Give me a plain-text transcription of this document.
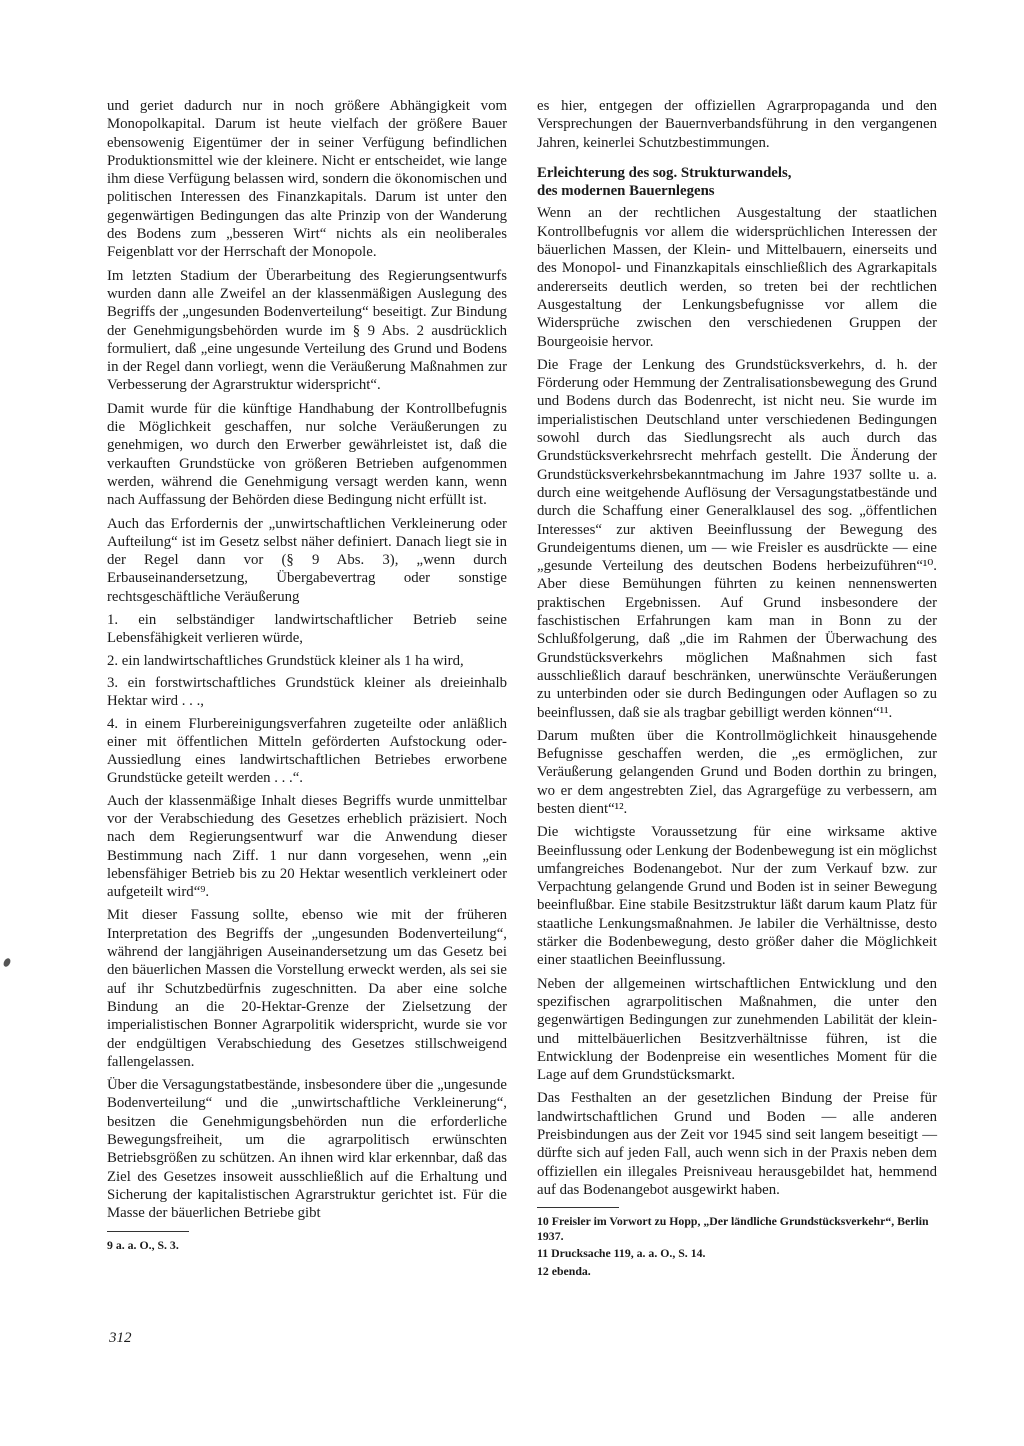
und geriet dadurch nur in noch größere Abhängigkeit vom Monopolkapital. Darum ist heute vielfach der größere Bauer ebensowenig Eigentümer der in seiner Verfügung befindlichen Produktionsmittel wie der kleinere. Nicht er entscheidet, wie lange ihm diese Verfügung belassen wird, sondern die ökonomischen und politischen Interessen des Finanzkapitals. Darum ist unter den gegenwärtigen Bedingungen das alte Prinzip von der Wanderung des Bodens zum „besseren Wirt“ nichts als ein neoliberales Feigenblatt vor der Herrschaft der Monopole.

Im letzten Stadium der Überarbeitung des Regierungsentwurfs wurden dann alle Zweifel an der klassenmäßigen Auslegung des Begriffs der „ungesunden Bodenverteilung“ beseitigt. Zur Bindung der Genehmigungsbehörden wurde im § 9 Abs. 2 ausdrücklich formuliert, daß „eine ungesunde Verteilung des Grund und Bodens in der Regel dann vorliegt, wenn die Veräußerung Maßnahmen zur Verbesserung der Agrarstruktur widerspricht“.

Damit wurde für die künftige Handhabung der Kontrollbefugnis die Möglichkeit geschaffen, nur solche Veräußerungen zu genehmigen, wo durch den Erwerber gewährleistet ist, daß die verkauften Grundstücke von größeren Betrieben aufgenommen werden, während die Genehmigung versagt werden kann, wenn nach Auffassung der Behörden diese Bedingung nicht erfüllt ist.

Auch das Erfordernis der „unwirtschaftlichen Verkleinerung oder Aufteilung“ ist im Gesetz selbst näher definiert. Danach liegt sie in der Regel dann vor (§ 9 Abs. 3), „wenn durch Erbauseinandersetzung, Übergabevertrag oder sonstige rechtsgeschäftliche Veräußerung

1. ein selbständiger landwirtschaftlicher Betrieb seine Lebensfähigkeit verlieren würde,
2. ein landwirtschaftliches Grundstück kleiner als 1 ha wird,
3. ein forstwirtschaftliches Grundstück kleiner als dreieinhalb Hektar wird . . .,
4. in einem Flurbereinigungsverfahren zugeteilte oder anläßlich einer mit öffentlichen Mitteln geförderten Aufstockung oder- Aussiedlung eines landwirtschaftlichen Betriebes erworbene Grundstücke geteilt werden . . .“.

Auch der klassenmäßige Inhalt dieses Begriffs wurde unmittelbar vor der Verabschiedung des Gesetzes erheblich präzisiert. Noch nach dem Regierungsentwurf war die Anwendung dieser Bestimmung nach Ziff. 1 nur dann vorgesehen, wenn „ein lebensfähiger Betrieb bis zu 20 Hektar wesentlich verkleinert oder aufgeteilt wird“⁹.

Mit dieser Fassung sollte, ebenso wie mit der früheren Interpretation des Begriffs der „ungesunden Bodenverteilung“, während der langjährigen Auseinandersetzung um das Gesetz bei den bäuerlichen Massen die Vorstellung erweckt werden, als sei sie auf ihr Schutzbedürfnis zugeschnitten. Da aber eine solche Bindung an die 20-Hektar-Grenze der Zielsetzung der imperialistischen Bonner Agrarpolitik widerspricht, wurde sie vor der endgültigen Verabschiedung des Gesetzes stillschweigend fallengelassen.

Über die Versagungstatbestände, insbesondere über die „ungesunde Bodenverteilung“ und die „unwirtschaftliche Verkleinerung“, besitzen die Genehmigungsbehörden nun die erforderliche Bewegungsfreiheit, um die agrarpolitisch erwünschten Betriebsgrößen zu schützen. An ihnen wird klar erkennbar, daß das Ziel des Gesetzes insoweit ausschließlich auf die Erhaltung und Sicherung der kapitalistischen Agrarstruktur gerichtet ist. Für die Masse der bäuerlichen Betriebe gibt

9 a. a. O., S. 3.

es hier, entgegen der offiziellen Agrarpropaganda und den Versprechungen der Bauernverbandsführung in den vergangenen Jahren, keinerlei Schutzbestimmungen.

Erleichterung des sog. Strukturwandels,
des modernen Bauernlegens

Wenn an der rechtlichen Ausgestaltung der staatlichen Kontrollbefugnis vor allem die widersprüchlichen Interessen der bäuerlichen Massen, der Klein- und Mittelbauern, einerseits und des Monopol- und Finanzkapitals einschließlich des Agrarkapitals andererseits deutlich werden, so treten bei der rechtlichen Ausgestaltung der Lenkungsbefugnisse vor allem die Widersprüche zwischen den verschiedenen Gruppen der Bourgeoisie hervor.

Die Frage der Lenkung des Grundstücksverkehrs, d. h. der Förderung oder Hemmung der Zentralisationsbewegung des Grund und Bodens durch das Bodenrecht, ist nicht neu. Sie wurde im imperialistischen Deutschland unter verschiedenen Bedingungen sowohl durch das Siedlungsrecht als auch durch das Grundstücksverkehrsrecht mehrfach gestellt. Die Änderung der Grundstücksverkehrsbekanntmachung im Jahre 1937 sollte u. a. durch eine weitgehende Auflösung der Versagungstatbestände und durch die Schaffung einer Generalklausel des sog. „öffentlichen Interesses“ zur aktiven Beeinflussung der Bewegung des Grundeigentums dienen, um — wie Freisler es ausdrückte — eine „gesunde Verteilung des deutschen Bodens herbeizuführen“¹⁰. Aber diese Bemühungen führten zu keinen nennenswerten praktischen Ergebnissen. Auf Grund insbesondere der faschistischen Erfahrungen kam man in Bonn zu der Schlußfolgerung, daß „die im Rahmen der Überwachung des Grundstücksverkehrs möglichen Maßnahmen sich fast ausschließlich darauf beschränken, unerwünschte Veräußerungen zu unterbinden oder sie durch Bedingungen oder Auflagen so zu beeinflussen, daß sie als tragbar gebilligt werden können“¹¹.

Darum mußten über die Kontrollmöglichkeit hinausgehende Befugnisse geschaffen werden, die „es ermöglichen, zur Veräußerung gelangenden Grund und Boden dorthin zu bringen, wo er dem angestrebten Ziel, das Agrargefüge zu verbessern, am besten dient“¹².

Die wichtigste Voraussetzung für eine wirksame aktive Beeinflussung oder Lenkung der Bodenbewegung ist ein möglichst umfangreiches Bodenangebot. Nur der zum Verkauf bzw. zur Verpachtung gelangende Grund und Boden ist in seiner Bewegung beeinflußbar. Eine stabile Besitzstruktur läßt darum kaum Platz für staatliche Lenkungsmaßnahmen. Je labiler die Verhältnisse, desto stärker die Bodenbewegung, desto größer daher die Möglichkeit einer staatlichen Beeinflussung.

Neben der allgemeinen wirtschaftlichen Entwicklung und den spezifischen agrarpolitischen Maßnahmen, die unter den gegenwärtigen Bedingungen zur zunehmenden Labilität der klein- und mittelbäuerlichen Besitzverhältnisse führen, ist die Entwicklung der Bodenpreise ein wesentliches Moment für die Lage auf dem Grundstücksmarkt.

Das Festhalten an der gesetzlichen Bindung der Preise für landwirtschaftlichen Grund und Boden — alle anderen Preisbindungen aus der Zeit vor 1945 sind seit langem beseitigt — dürfte sich auf jeden Fall, auch wenn sich in der Praxis neben dem offiziellen ein illegales Preisniveau herausgebildet hat, hemmend auf das Bodenangebot ausgewirkt haben.

10 Freisler im Vorwort zu Hopp, „Der ländliche Grundstücksverkehr“, Berlin 1937.
11 Drucksache 119, a. a. O., S. 14.
12 ebenda.
312
